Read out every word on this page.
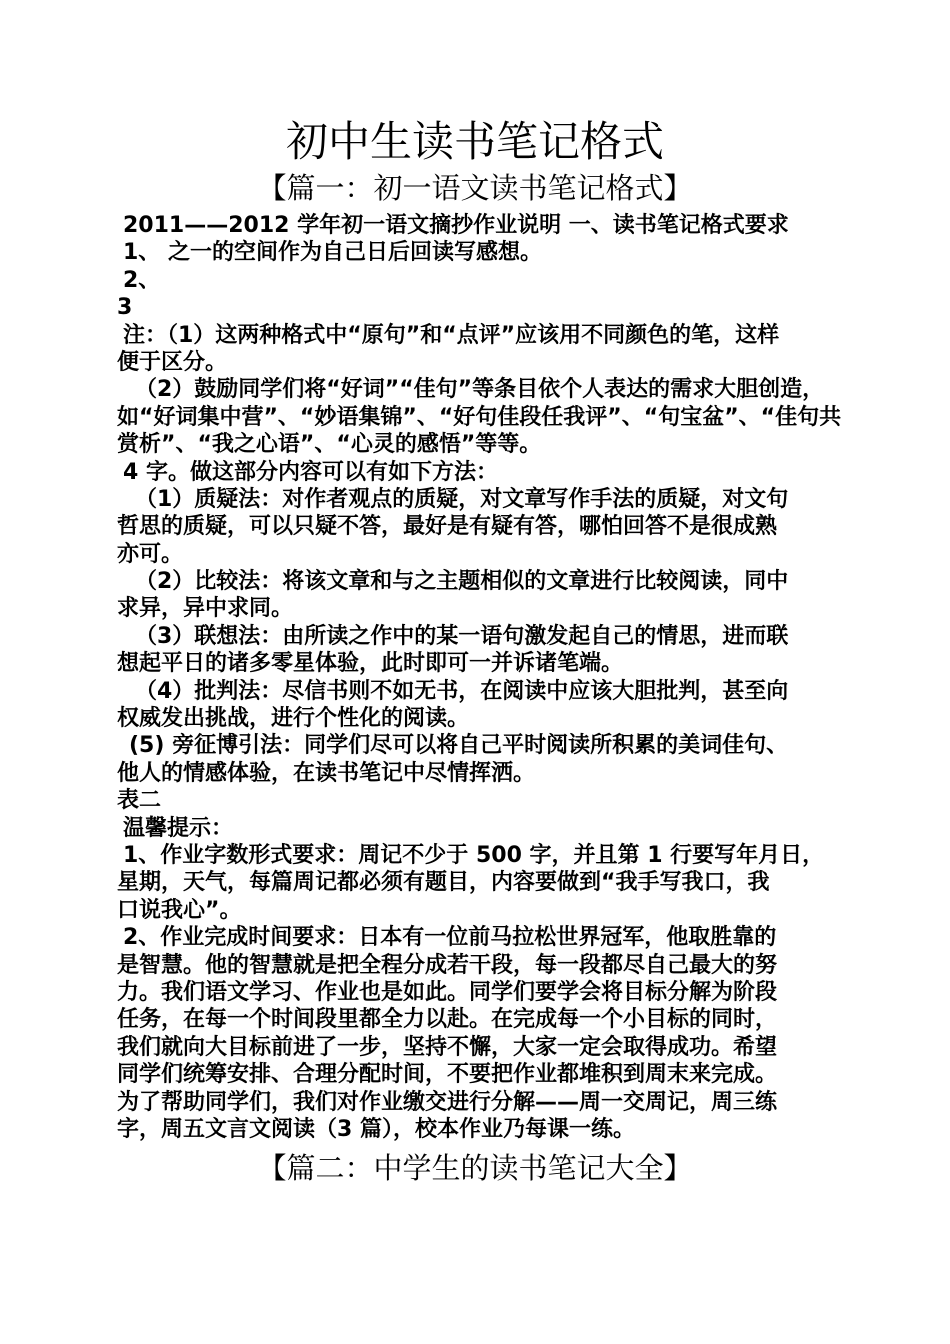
初中生读书笔记格式
【篇一：初一语文读书笔记格式】
2011——2012 学年初一语文摘抄作业说明 一、读书笔记格式要求
1、 之一的空间作为自己日后回读写感想。
2、
3
注：（1）这两种格式中“原句”和“点评”应该用不同颜色的笔，这样
便于区分。
（2）鼓励同学们将“好词”“佳句”等条目依个人表达的需求大胆创造，
如“好词集中营”、“妙语集锦”、“好句佳段任我评”、“句宝盆”、“佳句共
赏析”、“我之心语”、“心灵的感悟”等等。
4 字。做这部分内容可以有如下方法：
（1）质疑法：对作者观点的质疑，对文章写作手法的质疑，对文句
哲思的质疑，可以只疑不答，最好是有疑有答，哪怕回答不是很成熟
亦可。
（2）比较法：将该文章和与之主题相似的文章进行比较阅读，同中
求异，异中求同。
（3）联想法：由所读之作中的某一语句激发起自己的情思，进而联
想起平日的诸多零星体验，此时即可一并诉诸笔端。
（4）批判法：尽信书则不如无书，在阅读中应该大胆批判，甚至向
权威发出挑战，进行个性化的阅读。
(5) 旁征博引法：同学们尽可以将自己平时阅读所积累的美词佳句、
他人的情感体验，在读书笔记中尽情挥洒。
表二
温馨提示：
1、作业字数形式要求：周记不少于 500 字，并且第 1 行要写年月日，
星期，天气，每篇周记都必须有题目，内容要做到“我手写我口，我
口说我心”。
2、作业完成时间要求：日本有一位前马拉松世界冠军，他取胜靠的
是智慧。他的智慧就是把全程分成若干段，每一段都尽自己最大的努
力。我们语文学习、作业也是如此。同学们要学会将目标分解为阶段
任务，在每一个时间段里都全力以赴。在完成每一个小目标的同时，
我们就向大目标前进了一步，坚持不懈，大家一定会取得成功。希望
同学们统筹安排、合理分配时间，不要把作业都堆积到周末来完成。
为了帮助同学们，我们对作业缴交进行分解——周一交周记，周三练
字，周五文言文阅读（3 篇），校本作业乃每课一练。
【篇二：中学生的读书笔记大全】
